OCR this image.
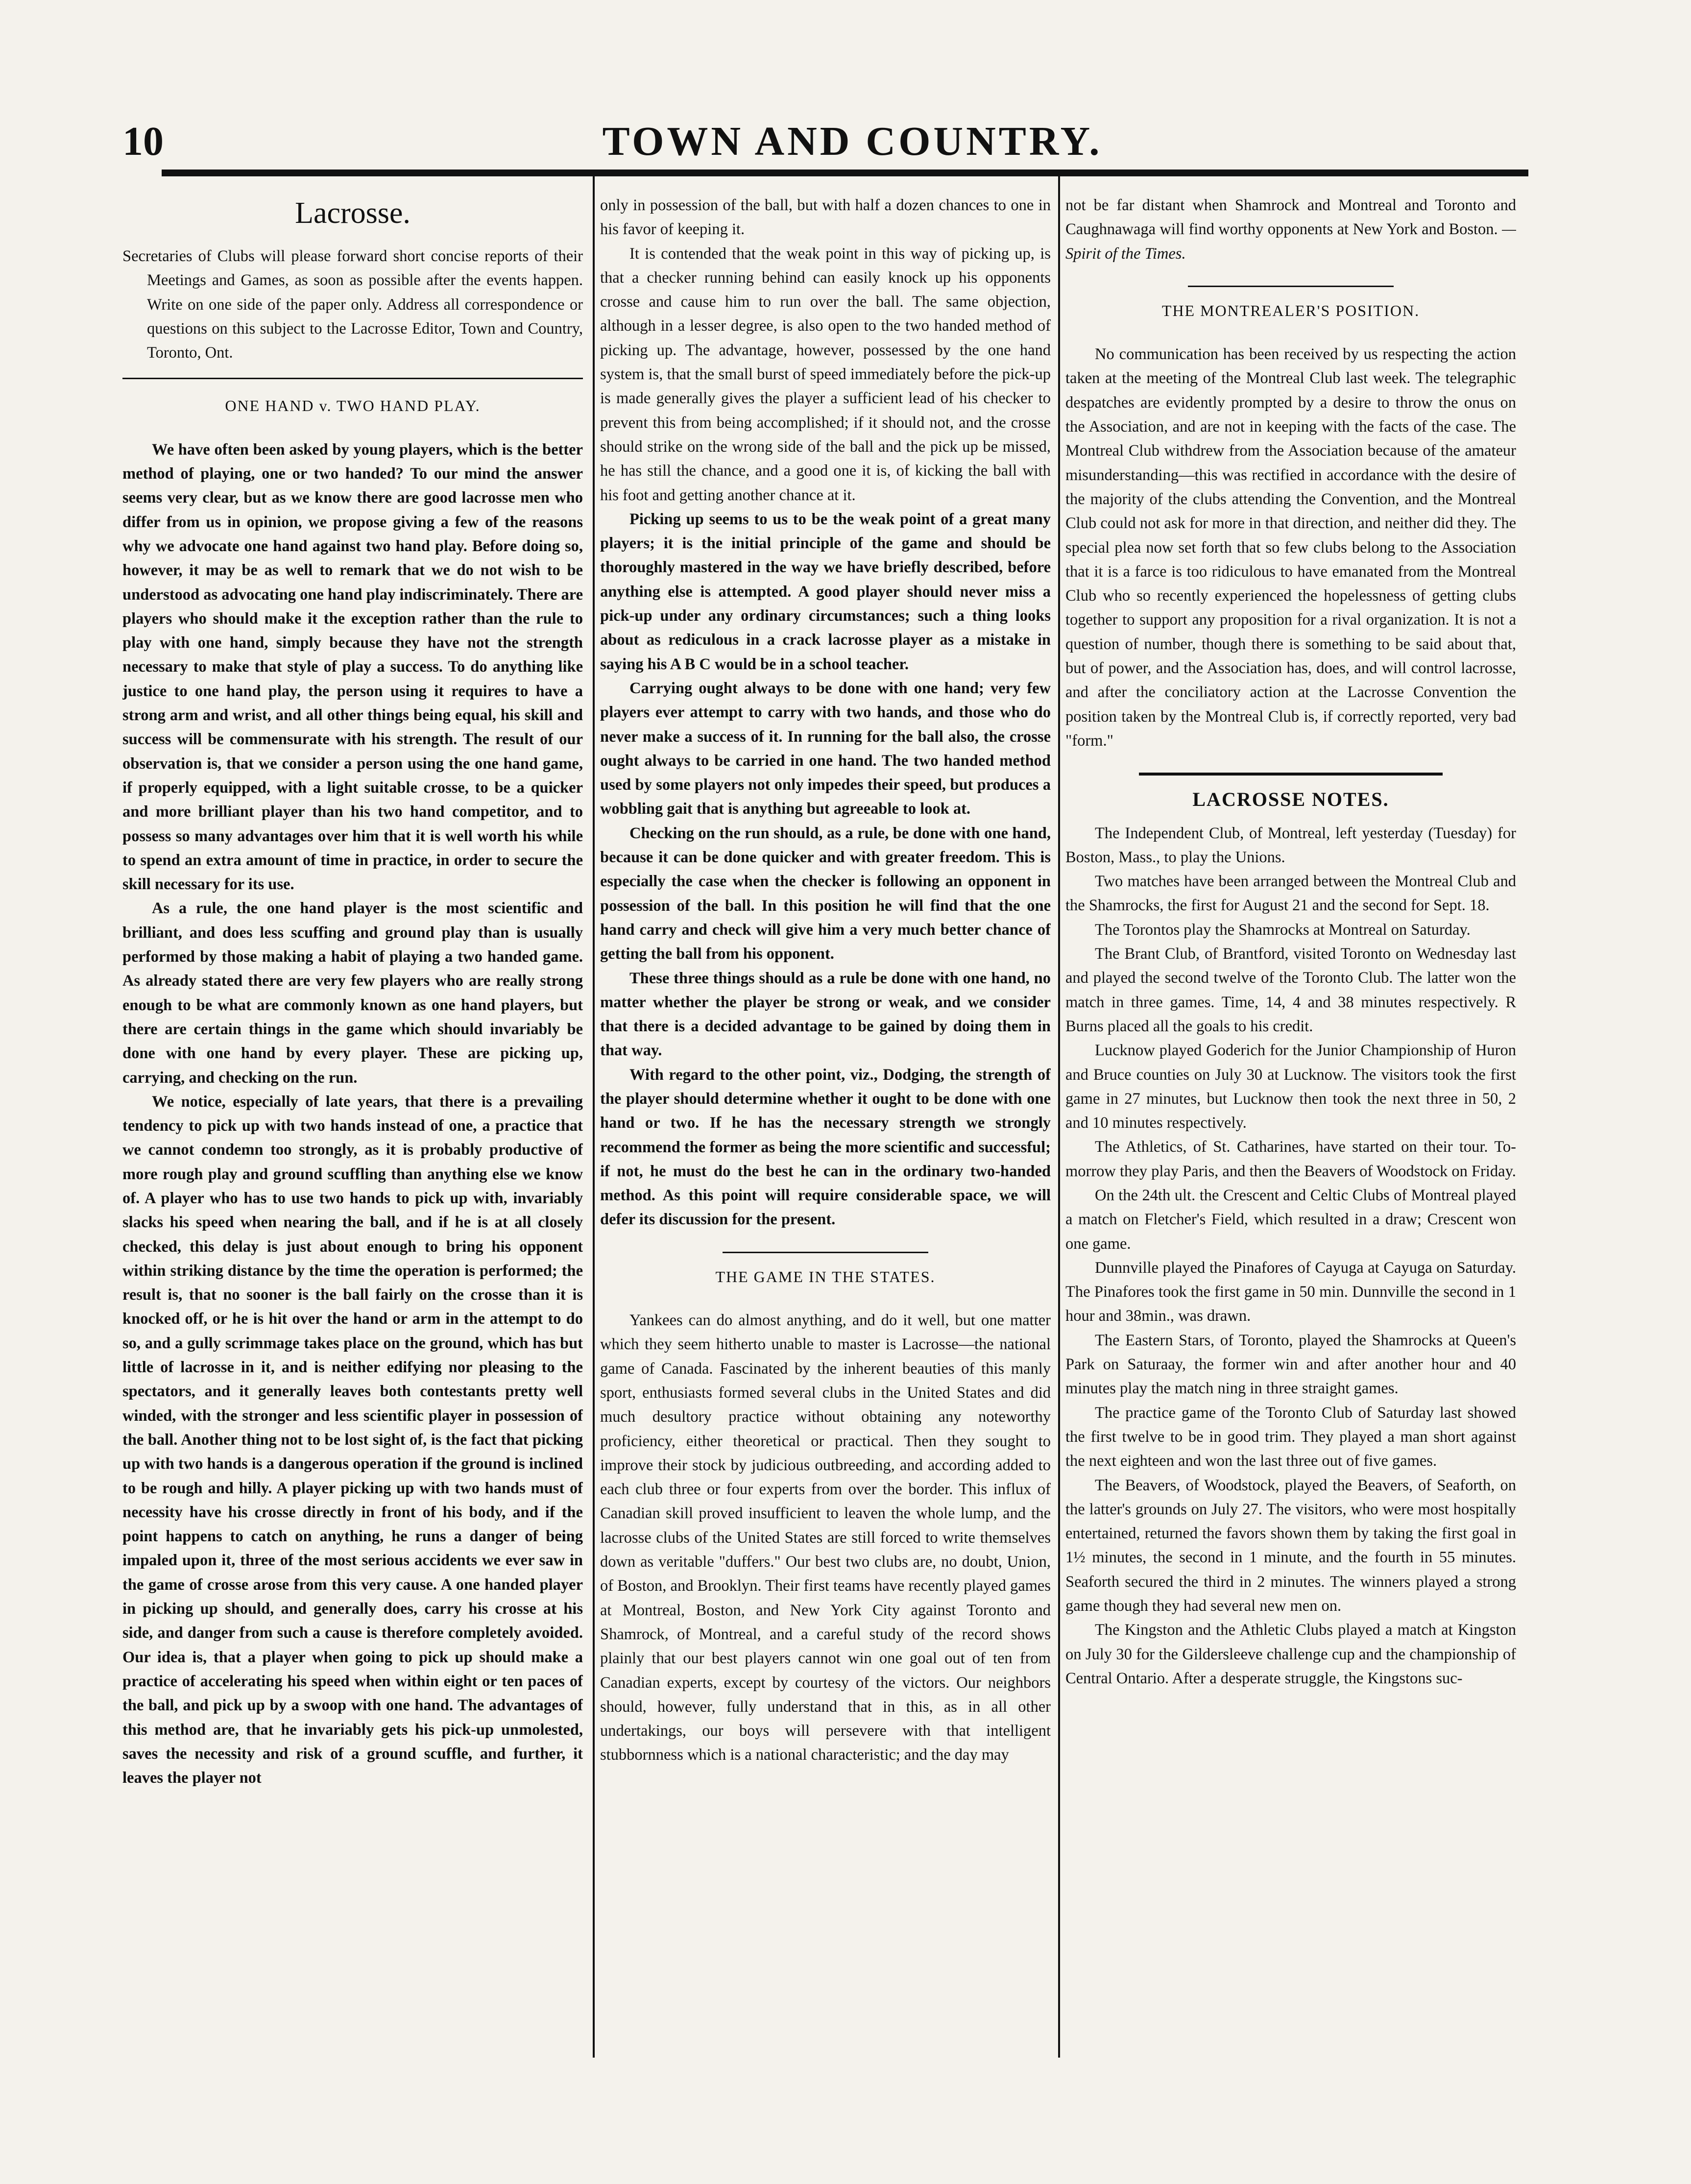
10	TOWN AND COUNTRY.
Lacrosse.

Secretaries of Clubs will please forward short concise reports of their Meetings and Games, as soon as possible after the events happen. Write on one side of the paper only. Address all correspondence or questions on this subject to the Lacrosse Editor, Town and Country, Toronto, Ont.

ONE HAND v. TWO HAND PLAY.

We have often been asked by young players, which is the better method of playing, one or two handed? To our mind the answer seems very clear, but as we know there are good lacrosse men who differ from us in opinion, we propose giving a few of the reasons why we advocate one hand against two hand play. Before doing so, however, it may be as well to remark that we do not wish to be understood as advocating one hand play indiscriminately. There are players who should make it the exception rather than the rule to play with one hand, simply because they have not the strength necessary to make that style of play a success. To do anything like justice to one hand play, the person using it requires to have a strong arm and wrist, and all other things being equal, his skill and success will be commensurate with his strength. The result of our observation is, that we consider a person using the one hand game, if properly equipped, with a light suitable crosse, to be a quicker and more brilliant player than his two hand competitor, and to possess so many advantages over him that it is well worth his while to spend an extra amount of time in practice, in order to secure the skill necessary for its use.

As a rule, the one hand player is the most scientific and brilliant, and does less scuffing and ground play than is usually performed by those making a habit of playing a two handed game. As already stated there are very few players who are really strong enough to be what are commonly known as one hand players, but there are certain things in the game which should invariably be done with one hand by every player. These are picking up, carrying, and checking on the run.

We notice, especially of late years, that there is a prevailing tendency to pick up with two hands instead of one, a practice that we cannot condemn too strongly, as it is probably productive of more rough play and ground scuffling than anything else we know of. A player who has to use two hands to pick up with, invariably slacks his speed when nearing the ball, and if he is at all closely checked, this delay is just about enough to bring his opponent within striking distance by the time the operation is performed; the result is, that no sooner is the ball fairly on the crosse than it is knocked off, or he is hit over the hand or arm in the attempt to do so, and a gully scrimmage takes place on the ground, which has but little of lacrosse in it, and is neither edifying nor pleasing to the spectators, and it generally leaves both contestants pretty well winded, with the stronger and less scientific player in possession of the ball. Another thing not to be lost sight of, is the fact that picking up with two hands is a dangerous operation if the ground is inclined to be rough and hilly. A player picking up with two hands must of necessity have his crosse directly in front of his body, and if the point happens to catch on anything, he runs a danger of being impaled upon it, three of the most serious accidents we ever saw in the game of crosse arose from this very cause. A one handed player in picking up should, and generally does, carry his crosse at his side, and danger from such a cause is therefore completely avoided. Our idea is, that a player when going to pick up should make a practice of accelerating his speed when within eight or ten paces of the ball, and pick up by a swoop with one hand. The advantages of this method are, that he invariably gets his pick-up unmolested, saves the necessity and risk of a ground scuffle, and further, it leaves the player not

only in possession of the ball, but with half a dozen chances to one in his favor of keeping it.

It is contended that the weak point in this way of picking up, is that a checker running behind can easily knock up his opponents crosse and cause him to run over the ball. The same objection, although in a lesser degree, is also open to the two handed method of picking up. The advantage, however, possessed by the one hand system is, that the small burst of speed immediately before the pick-up is made generally gives the player a sufficient lead of his checker to prevent this from being accomplished; if it should not, and the crosse should strike on the wrong side of the ball and the pick up be missed, he has still the chance, and a good one it is, of kicking the ball with his foot and getting another chance at it.

Picking up seems to us to be the weak point of a great many players; it is the initial principle of the game and should be thoroughly mastered in the way we have briefly described, before anything else is attempted. A good player should never miss a pick-up under any ordinary circumstances; such a thing looks about as rediculous in a crack lacrosse player as a mistake in saying his A B C would be in a school teacher.

Carrying ought always to be done with one hand; very few players ever attempt to carry with two hands, and those who do never make a success of it. In running for the ball also, the crosse ought always to be carried in one hand. The two handed method used by some players not only impedes their speed, but produces a wobbling gait that is anything but agreeable to look at.

Checking on the run should, as a rule, be done with one hand, because it can be done quicker and with greater freedom. This is especially the case when the checker is following an opponent in possession of the ball. In this position he will find that the one hand carry and check will give him a very much better chance of getting the ball from his opponent.

These three things should as a rule be done with one hand, no matter whether the player be strong or weak, and we consider that there is a decided advantage to be gained by doing them in that way.

With regard to the other point, viz., Dodging, the strength of the player should determine whether it ought to be done with one hand or two. If he has the necessary strength we strongly recommend the former as being the more scientific and successful; if not, he must do the best he can in the ordinary two-handed method. As this point will require considerable space, we will defer its discussion for the present.

THE GAME IN THE STATES.

Yankees can do almost anything, and do it well, but one matter which they seem hitherto unable to master is Lacrosse—the national game of Canada. Fascinated by the inherent beauties of this manly sport, enthusiasts formed several clubs in the United States and did much desultory practice without obtaining any noteworthy proficiency, either theoretical or practical. Then they sought to improve their stock by judicious outbreeding, and according added to each club three or four experts from over the border. This influx of Canadian skill proved insufficient to leaven the whole lump, and the lacrosse clubs of the United States are still forced to write themselves down as veritable "duffers." Our best two clubs are, no doubt, Union, of Boston, and Brooklyn. Their first teams have recently played games at Montreal, Boston, and New York City against Toronto and Shamrock, of Montreal, and a careful study of the record shows plainly that our best players cannot win one goal out of ten from Canadian experts, except by courtesy of the victors. Our neighbors should, however, fully understand that in this, as in all other undertakings, our boys will persevere with that intelligent stubbornness which is a national characteristic; and the day may

not be far distant when Shamrock and Montreal and Toronto and Caughnawaga will find worthy opponents at New York and Boston. —Spirit of the Times.

THE MONTREALER'S POSITION.

No communication has been received by us respecting the action taken at the meeting of the Montreal Club last week. The telegraphic despatches are evidently prompted by a desire to throw the onus on the Association, and are not in keeping with the facts of the case. The Montreal Club withdrew from the Association because of the amateur misunderstanding—this was rectified in accordance with the desire of the majority of the clubs attending the Convention, and the Montreal Club could not ask for more in that direction, and neither did they. The special plea now set forth that so few clubs belong to the Association that it is a farce is too ridiculous to have emanated from the Montreal Club who so recently experienced the hopelessness of getting clubs together to support any proposition for a rival organization. It is not a question of number, though there is something to be said about that, but of power, and the Association has, does, and will control lacrosse, and after the conciliatory action at the Lacrosse Convention the position taken by the Montreal Club is, if correctly reported, very bad "form."

LACROSSE NOTES.

The Independent Club, of Montreal, left yesterday (Tuesday) for Boston, Mass., to play the Unions.

Two matches have been arranged between the Montreal Club and the Shamrocks, the first for August 21 and the second for Sept. 18.

The Torontos play the Shamrocks at Montreal on Saturday.

The Brant Club, of Brantford, visited Toronto on Wednesday last and played the second twelve of the Toronto Club. The latter won the match in three games. Time, 14, 4 and 38 minutes respectively. R Burns placed all the goals to his credit.

Lucknow played Goderich for the Junior Championship of Huron and Bruce counties on July 30 at Lucknow. The visitors took the first game in 27 minutes, but Lucknow then took the next three in 50, 2 and 10 minutes respectively.

The Athletics, of St. Catharines, have started on their tour. To-morrow they play Paris, and then the Beavers of Woodstock on Friday.

On the 24th ult. the Crescent and Celtic Clubs of Montreal played a match on Fletcher's Field, which resulted in a draw; Crescent won one game.

Dunnville played the Pinafores of Cayuga at Cayuga on Saturday. The Pinafores took the first game in 50 min. Dunnville the second in 1 hour and 38min., was drawn.

The Eastern Stars, of Toronto, played the Shamrocks at Queen's Park on Saturaay, the former win and after another hour and 40 minutes play the match ning in three straight games.

The practice game of the Toronto Club of Saturday last showed the first twelve to be in good trim. They played a man short against the next eighteen and won the last three out of five games.

The Beavers, of Woodstock, played the Beavers, of Seaforth, on the latter's grounds on July 27. The visitors, who were most hospitally entertained, returned the favors shown them by taking the first goal in 1½ minutes, the second in 1 minute, and the fourth in 55 minutes. Seaforth secured the third in 2 minutes. The winners played a strong game though they had several new men on.

The Kingston and the Athletic Clubs played a match at Kingston on July 30 for the Gildersleeve challenge cup and the championship of Central Ontario. After a desperate struggle, the Kingstons suc-
